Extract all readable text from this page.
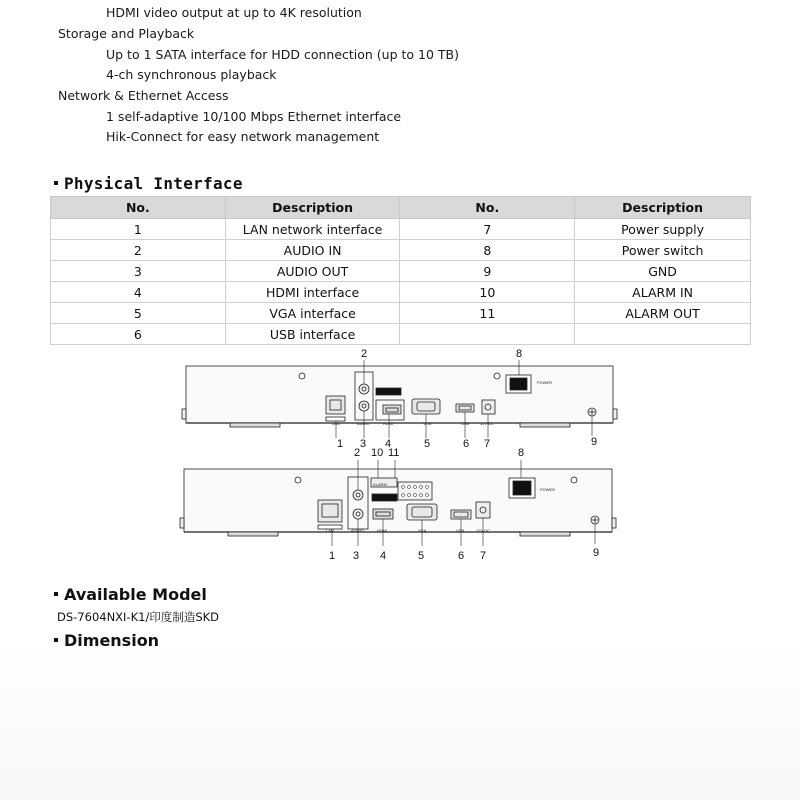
HDMI video output at up to 4K resolution
Storage and Playback
Up to 1 SATA interface for HDD connection (up to 10 TB)
4-ch synchronous playback
Network & Ethernet Access
1 self-adaptive 10/100 Mbps Ethernet interface
Hik-Connect for easy network management
Physical Interface
No.	Description	No.	Description
1	LAN network interface	7	Power supply
2	AUDIO IN	8	Power switch
3	AUDIO OUT	9	GND
4	HDMI interface	10	ALARM IN
5	VGA interface	11	ALARM OUT
6	USB interface		
POWER
LAN	AUDIO	HDMI	VGA	USB	12V DC
2	8
1 3 4	5	6 7	9
POWER
ALARM
LAN	AUDIO	HDMI	VGA	USB	12V DC
2 10 11	8
1 3 4	5	6 7	9
Available Model
DS-7604NXI-K1/印度制造SKD
Dimension
